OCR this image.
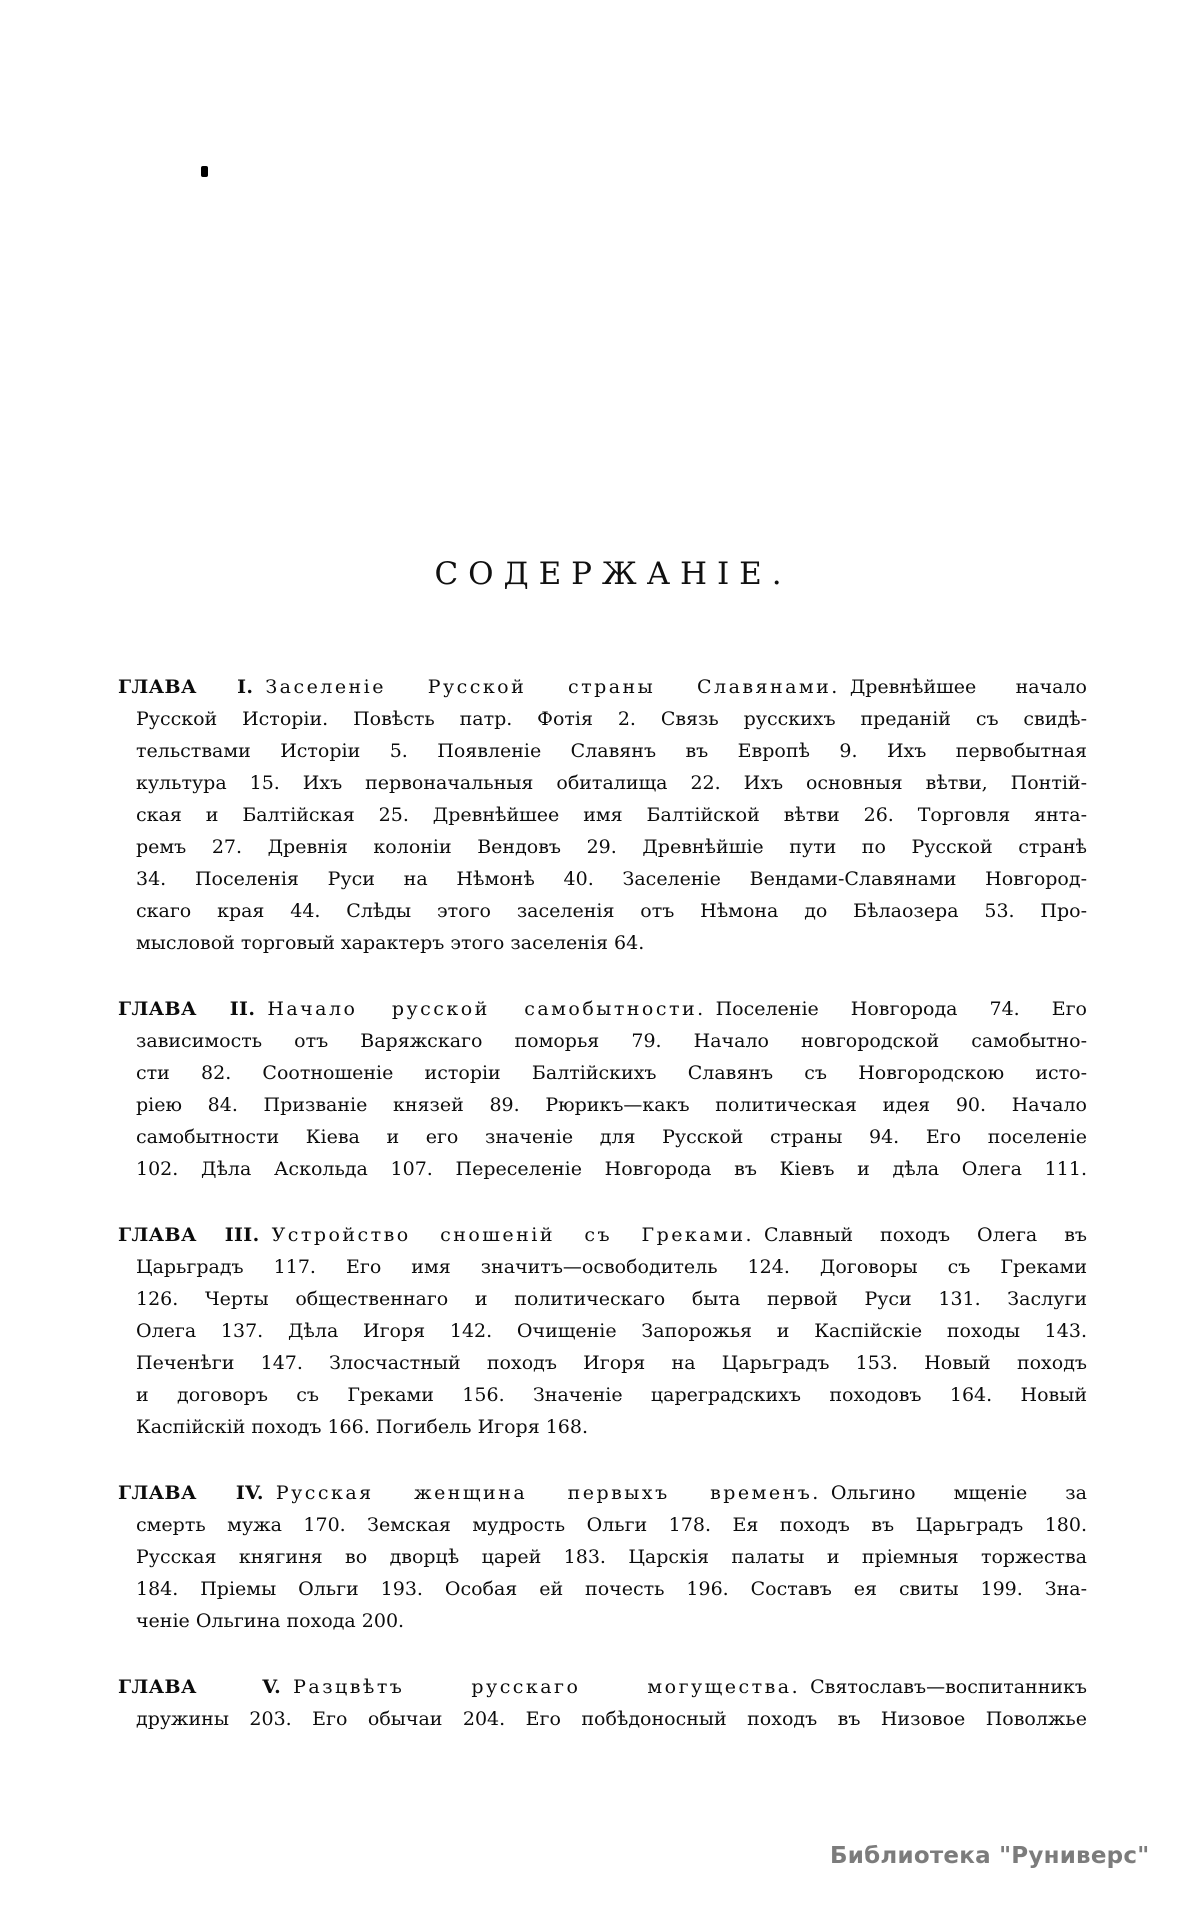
СОДЕРЖАНІЕ.
ГЛАВА I. Заселеніе Русской страны Славянами. Древнѣйшее начало
Русской Исторіи. Повѣсть патр. Фотія 2. Связь русскихъ преданій съ свидѣ-
тельствами Исторіи 5. Появленіе Славянъ въ Европѣ 9. Ихъ первобытная
культура 15. Ихъ первоначальныя обиталища 22. Ихъ основныя вѣтви, Понтій-
ская и Балтійская 25. Древнѣйшее имя Балтійской вѣтви 26. Торговля янта-
ремъ 27. Древнія колоніи Вендовъ 29. Древнѣйшіе пути по Русской странѣ
34. Поселенія Руси на Нѣмонѣ 40. Заселеніе Вендами-Славянами Новгород-
скаго края 44. Слѣды этого заселенія отъ Нѣмона до Бѣлаозера 53. Про-
мысловой торговый характеръ этого заселенія 64.
ГЛАВА II. Начало русской самобытности. Поселеніе Новгорода 74. Его
зависимость отъ Варяжскаго поморья 79. Начало новгородской самобытно-
сти 82. Соотношеніе исторіи Балтійскихъ Славянъ съ Новгородскою исто-
ріею 84. Призваніе князей 89. Рюрикъ—какъ политическая идея 90. Начало
самобытности Кіева и его значеніе для Русской страны 94. Его поселеніе
102. Дѣла Аскольда 107. Переселеніе Новгорода въ Кіевъ и дѣла Олега 111.
ГЛАВА III. Устройство сношеній съ Греками. Славный походъ Олега въ
Царьградъ 117. Его имя значитъ—освободитель 124. Договоры съ Греками
126. Черты общественнаго и политическаго быта первой Руси 131. Заслуги
Олега 137. Дѣла Игоря 142. Очищеніе Запорожья и Каспійскіе походы 143.
Печенѣги 147. Злосчастный походъ Игоря на Царьградъ 153. Новый походъ
и договоръ съ Греками 156. Значеніе цареградскихъ походовъ 164. Новый
Каспійскій походъ 166. Погибель Игоря 168.
ГЛАВА IV. Русская женщина первыхъ временъ. Ольгино мщеніе за
смерть мужа 170. Земская мудрость Ольги 178. Ея походъ въ Царьградъ 180.
Русская княгиня во дворцѣ царей 183. Царскія палаты и пріемныя торжества
184. Пріемы Ольги 193. Особая ей почесть 196. Составъ ея свиты 199. Зна-
ченіе Ольгина похода 200.
ГЛАВА V. Разцвѣтъ русскаго могущества. Святославъ—воспитанникъ
дружины 203. Его обычаи 204. Его побѣдоносный походъ въ Низовое Поволжье
Библиотека "Руниверс"
